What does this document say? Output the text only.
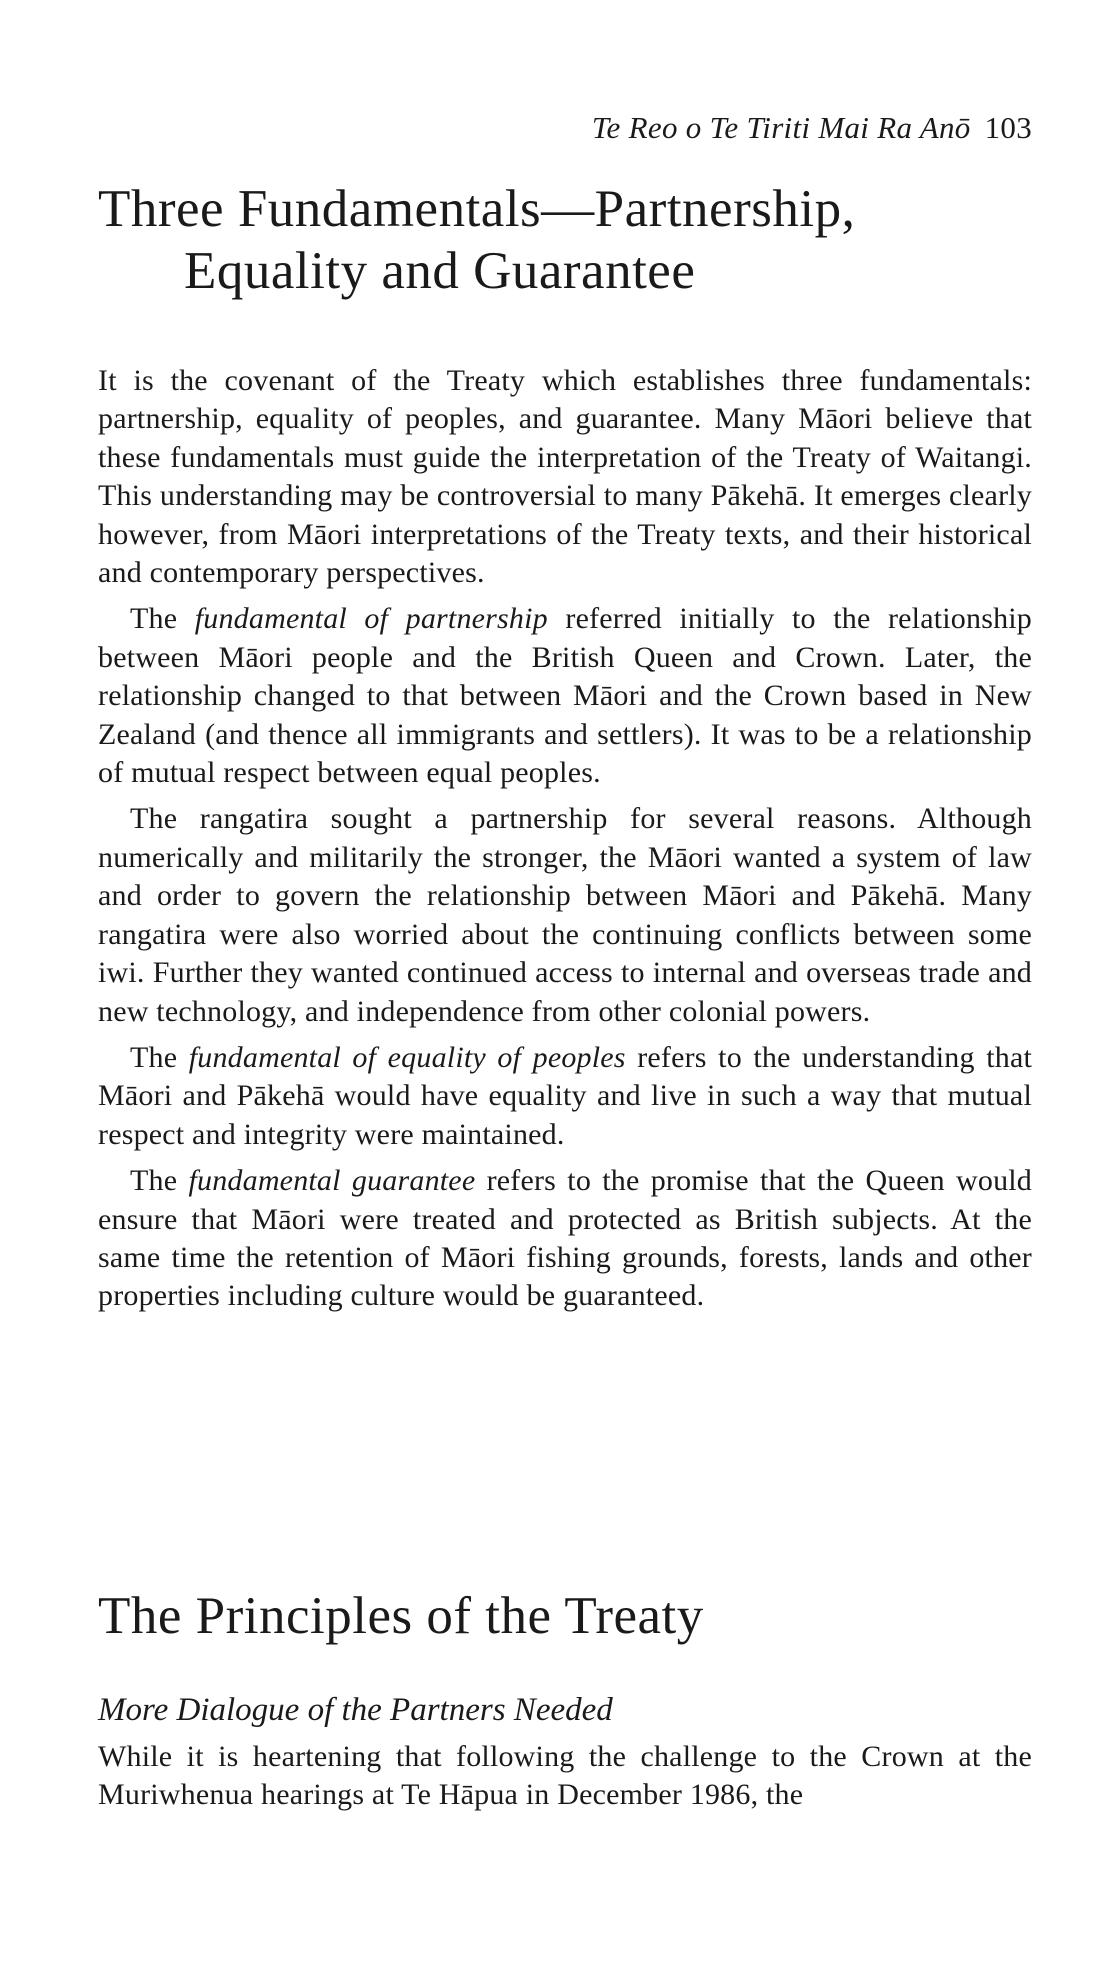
Te Reo o Te Tiriti Mai Ra Anō 103
Three Fundamentals—Partnership,
Equality and Guarantee

It is the covenant of the Treaty which establishes three fundamentals: partnership, equality of peoples, and guarantee. Many Māori believe that these fundamentals must guide the interpretation of the Treaty of Waitangi. This understanding may be controversial to many Pākehā. It emerges clearly however, from Māori interpretations of the Treaty texts, and their historical and contemporary perspectives.

The fundamental of partnership referred initially to the relationship between Māori people and the British Queen and Crown. Later, the relationship changed to that between Māori and the Crown based in New Zealand (and thence all immigrants and settlers). It was to be a relationship of mutual respect between equal peoples.

The rangatira sought a partnership for several reasons. Although numerically and militarily the stronger, the Māori wanted a system of law and order to govern the relationship between Māori and Pākehā. Many rangatira were also worried about the continuing conflicts between some iwi. Further they wanted continued access to internal and overseas trade and new technology, and independence from other colonial powers.

The fundamental of equality of peoples refers to the understanding that Māori and Pākehā would have equality and live in such a way that mutual respect and integrity were maintained.

The fundamental guarantee refers to the promise that the Queen would ensure that Māori were treated and protected as British subjects. At the same time the retention of Māori fishing grounds, forests, lands and other properties including culture would be guaranteed.

The Principles of the Treaty
More Dialogue of the Partners Needed

While it is heartening that following the challenge to the Crown at the Muriwhenua hearings at Te Hāpua in December 1986, the
